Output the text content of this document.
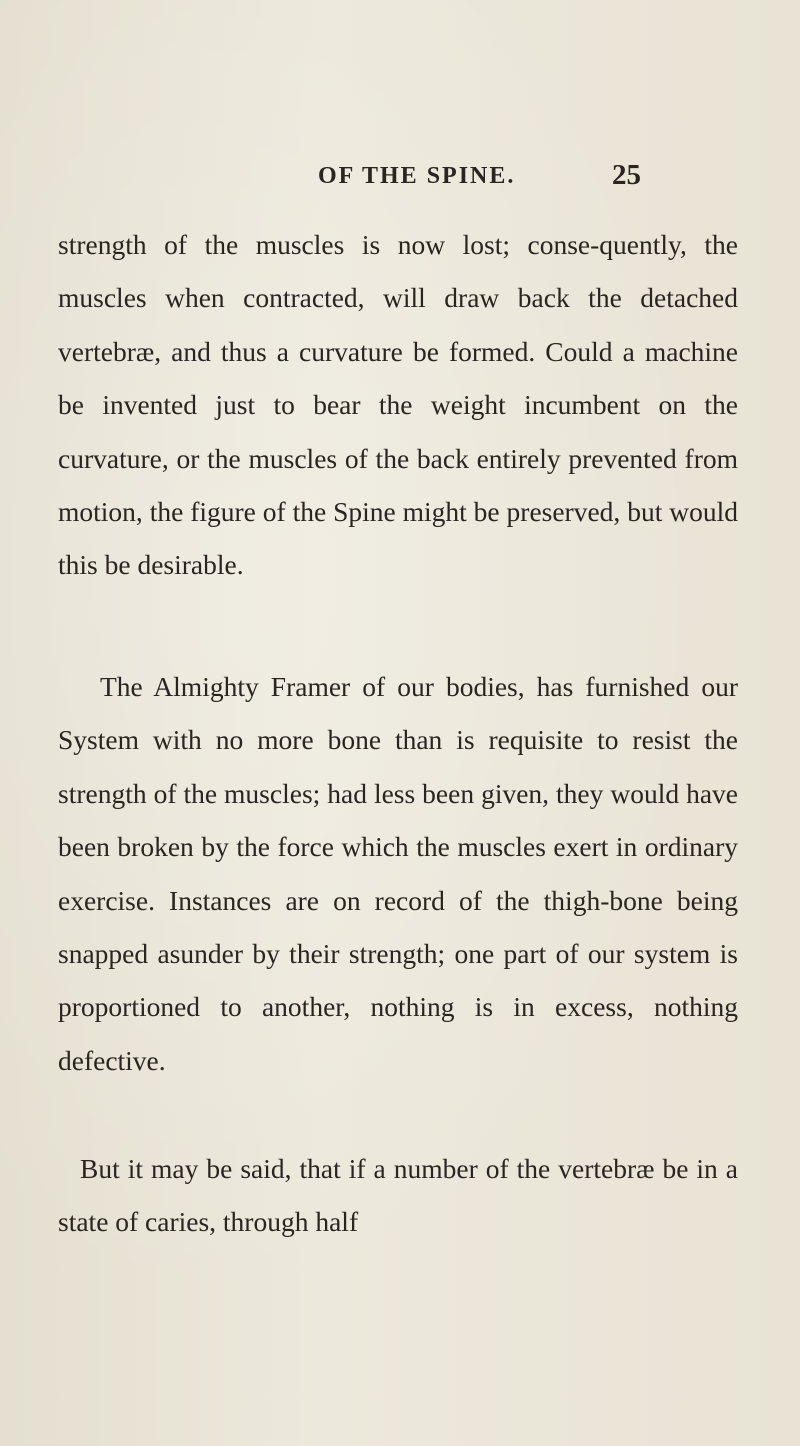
OF THE SPINE.	25

strength of the muscles is now lost; conse-quently, the muscles when contracted, will draw back the detached vertebræ, and thus a curvature be formed. Could a machine be invented just to bear the weight incumbent on the curvature, or the muscles of the back entirely prevented from motion, the figure of the Spine might be preserved, but would this be desirable.

The Almighty Framer of our bodies, has furnished our System with no more bone than is requisite to resist the strength of the muscles; had less been given, they would have been broken by the force which the muscles exert in ordinary exercise. Instances are on record of the thigh-bone being snapped asunder by their strength; one part of our system is proportioned to another, nothing is in excess, nothing defective.

But it may be said, that if a number of the vertebræ be in a state of caries, through half
